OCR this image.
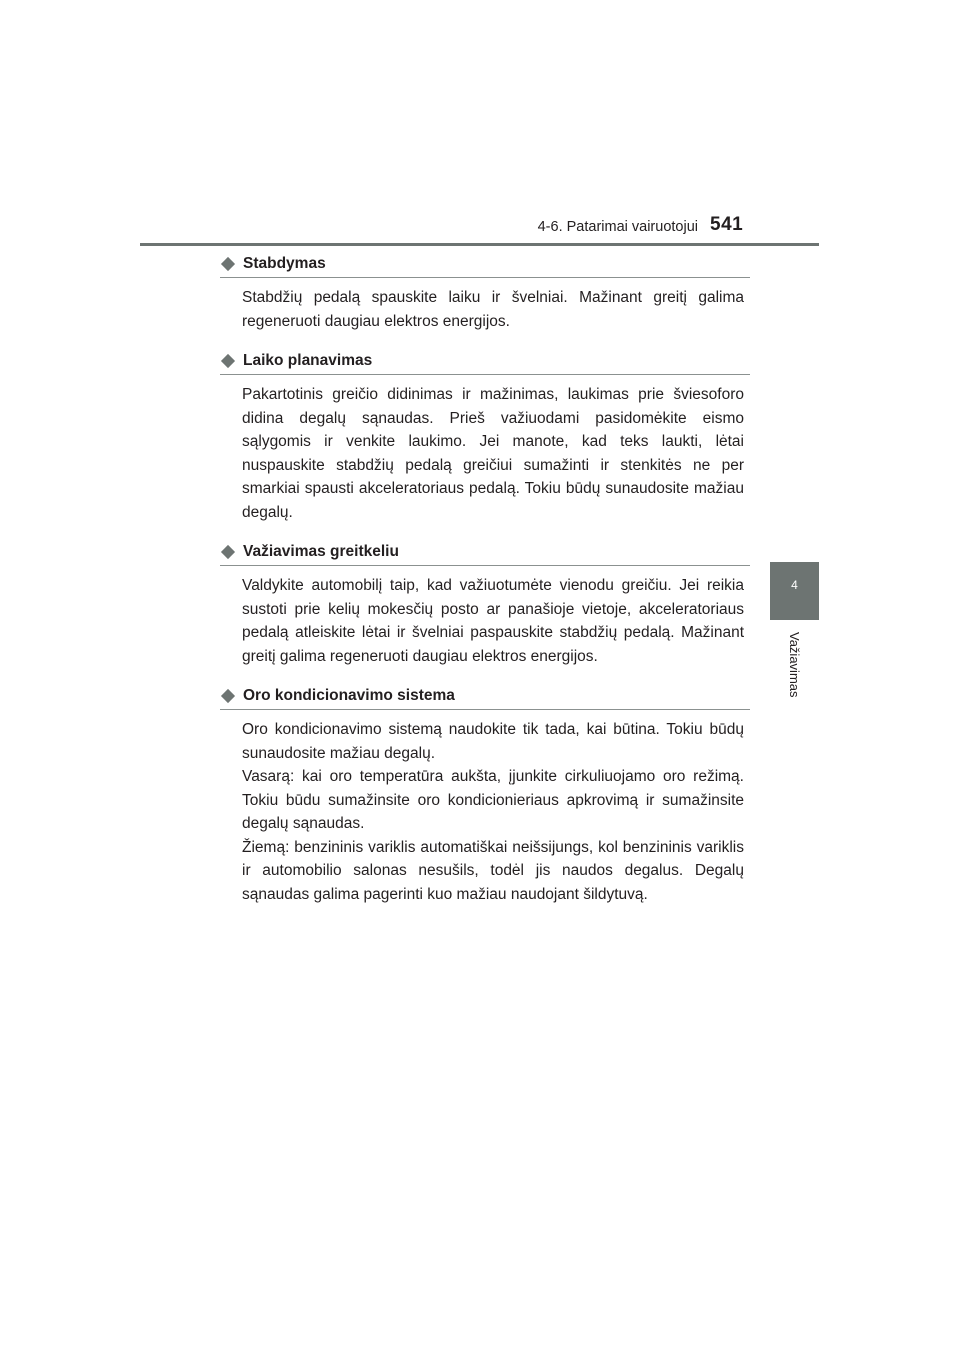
4-6. Patarimai vairuotojui 541
4
Važiavimas
Stabdymas

Stabdžių pedalą spauskite laiku ir švelniai. Mažinant greitį galima regeneruoti daugiau elektros energijos.

Laiko planavimas

Pakartotinis greičio didinimas ir mažinimas, laukimas prie šviesoforo didina degalų sąnaudas. Prieš važiuodami pasidomėkite eismo sąlygomis ir venkite laukimo. Jei manote, kad teks laukti, lėtai nuspauskite stabdžių pedalą greičiui sumažinti ir stenkitės ne per smarkiai spausti akceleratoriaus pedalą. Tokiu būdų sunaudosite mažiau degalų.

Važiavimas greitkeliu

Valdykite automobilį taip, kad važiuotumėte vienodu greičiu. Jei reikia sustoti prie kelių mokesčių posto ar panašioje vietoje, akceleratoriaus pedalą atleiskite lėtai ir švelniai paspauskite stabdžių pedalą. Mažinant greitį galima regeneruoti daugiau elektros energijos.

Oro kondicionavimo sistema

Oro kondicionavimo sistemą naudokite tik tada, kai būtina. Tokiu būdų sunaudosite mažiau degalų.

Vasarą: kai oro temperatūra aukšta, įjunkite cirkuliuojamo oro režimą. Tokiu būdu sumažinsite oro kondicionieriaus apkrovimą ir sumažinsite degalų sąnaudas.

Žiemą: benzininis variklis automatiškai neišsijungs, kol benzininis variklis ir automobilio salonas nesušils, todėl jis naudos degalus. Degalų sąnaudas galima pagerinti kuo mažiau naudojant šildytuvą.
